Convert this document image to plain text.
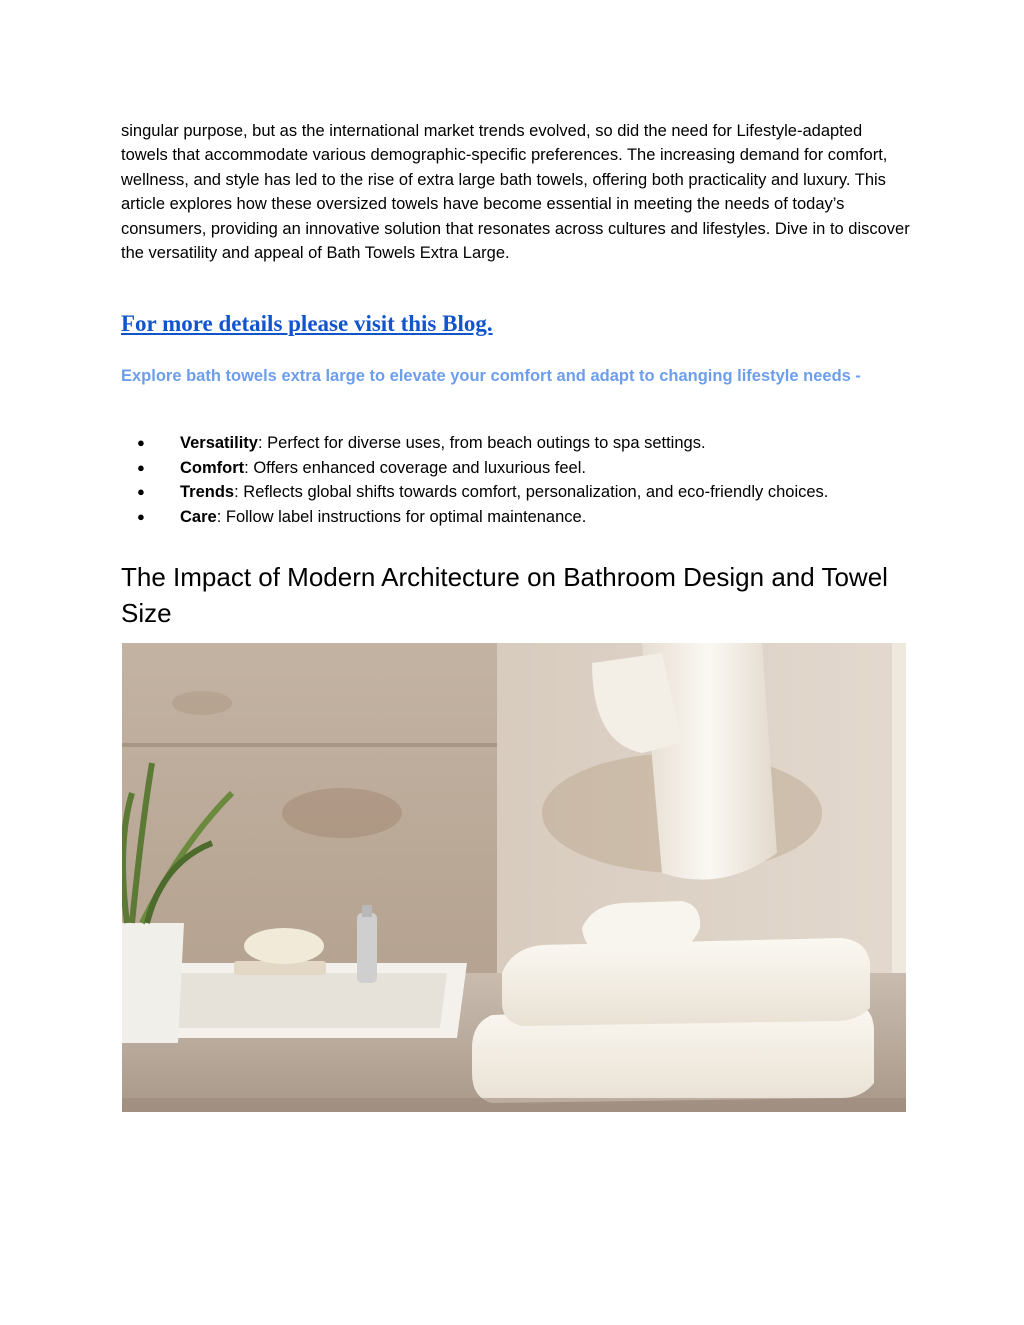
singular purpose, but as the international market trends evolved, so did the need for Lifestyle-adapted towels that accommodate various demographic-specific preferences. The increasing demand for comfort, wellness, and style has led to the rise of extra large bath towels, offering both practicality and luxury. This article explores how these oversized towels have become essential in meeting the needs of today’s consumers, providing an innovative solution that resonates across cultures and lifestyles. Dive in to discover the versatility and appeal of Bath Towels Extra Large.

For more details please visit this Blog.

Explore bath towels extra large to elevate your comfort and adapt to changing lifestyle needs -

● Versatility: Perfect for diverse uses, from beach outings to spa settings.
● Comfort: Offers enhanced coverage and luxurious feel.
● Trends: Reflects global shifts towards comfort, personalization, and eco-friendly choices.
● Care: Follow label instructions for optimal maintenance.
The Impact of Modern Architecture on Bathroom Design and Towel Size
